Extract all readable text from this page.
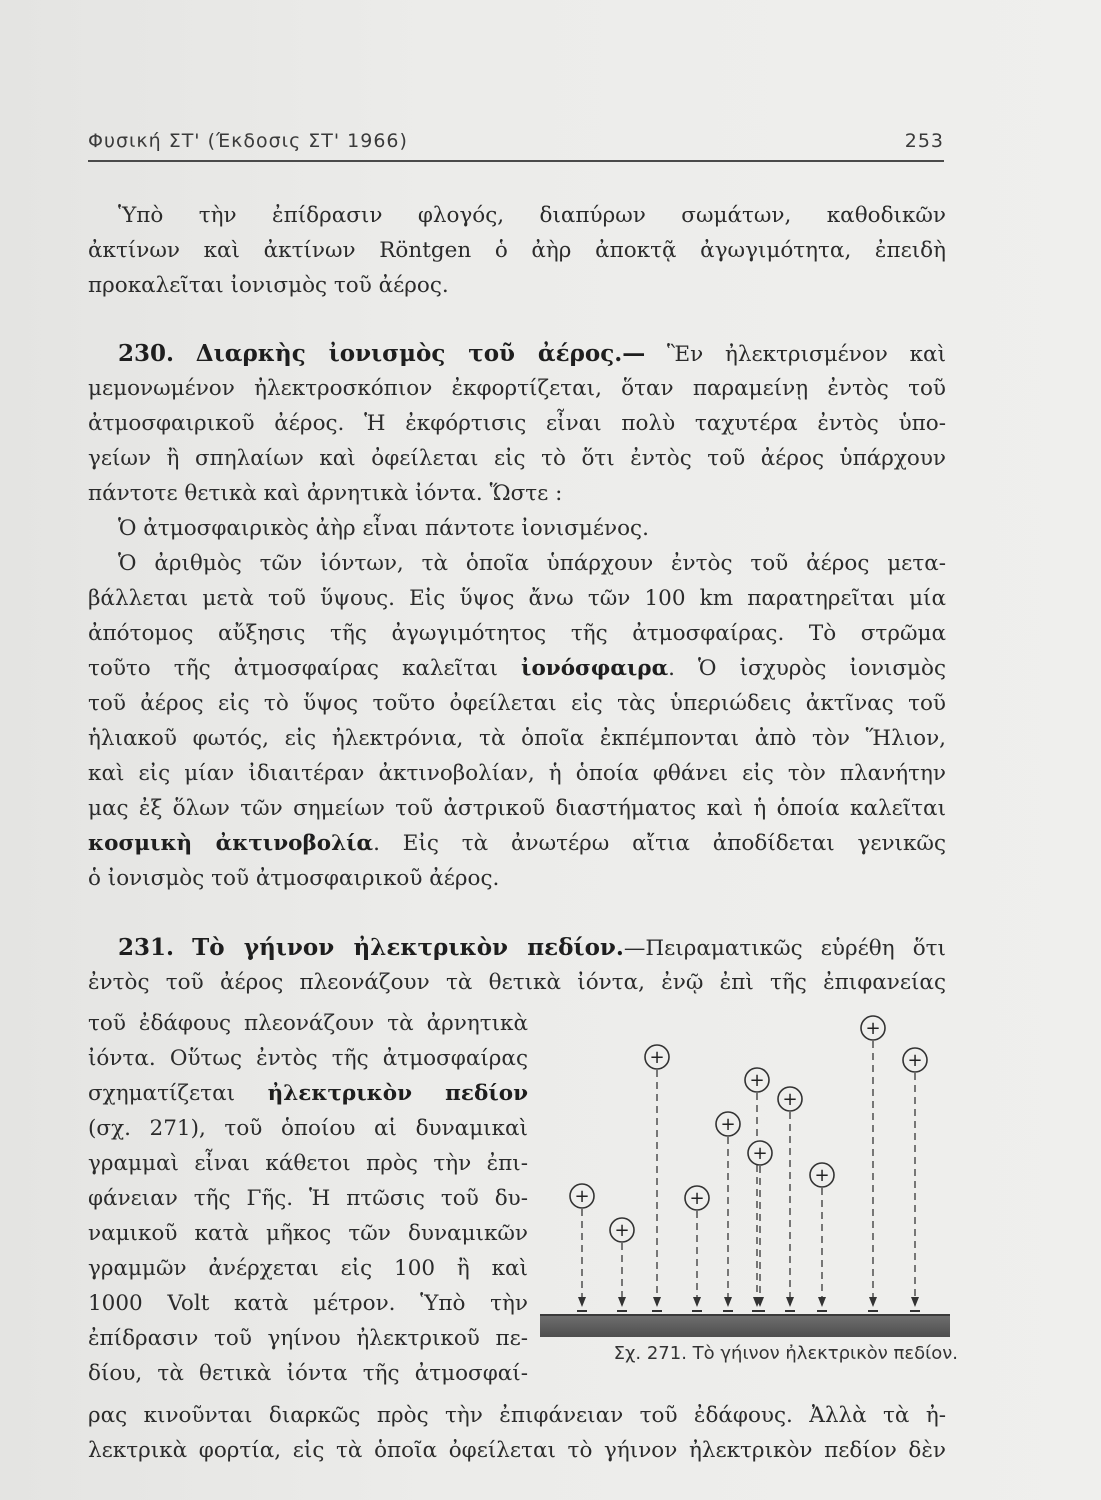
Φυσική ΣΤ' (Έκδοσις ΣΤ' 1966)	253
Ὑπὸ τὴν ἐπίδρασιν φλογός, διαπύρων σωμάτων, καθοδικῶν
ἀκτίνων καὶ ἀκτίνων Röntgen ὁ ἀὴρ ἀποκτᾷ ἀγωγιμότητα, ἐπειδὴ
προκαλεῖται ἰονισμὸς τοῦ ἀέρος.
230. Διαρκὴς ἰονισμὸς τοῦ ἀέρος.— Ἓν ἠλεκτρισμένον καὶ
μεμονωμένον ἠλεκτροσκόπιον ἐκφορτίζεται, ὅταν παραμείνῃ ἐντὸς τοῦ
ἀτμοσφαιρικοῦ ἀέρος. Ἡ ἐκφόρτισις εἶναι πολὺ ταχυτέρα ἐντὸς ὑπο-
γείων ἢ σπηλαίων καὶ ὀφείλεται εἰς τὸ ὅτι ἐντὸς τοῦ ἀέρος ὑπάρχουν
πάντοτε θετικὰ καὶ ἀρνητικὰ ἰόντα. Ὥστε :
Ὁ ἀτμοσφαιρικὸς ἀὴρ εἶναι πάντοτε ἰονισμένος.
Ὁ ἀριθμὸς τῶν ἰόντων, τὰ ὁποῖα ὑπάρχουν ἐντὸς τοῦ ἀέρος μετα-
βάλλεται μετὰ τοῦ ὕψους. Εἰς ὕψος ἄνω τῶν 100 km παρατηρεῖται μία
ἀπότομος αὔξησις τῆς ἀγωγιμότητος τῆς ἀτμοσφαίρας. Τὸ στρῶμα
τοῦτο τῆς ἀτμοσφαίρας καλεῖται ἰονόσφαιρα. Ὁ ἰσχυρὸς ἰονισμὸς
τοῦ ἀέρος εἰς τὸ ὕψος τοῦτο ὀφείλεται εἰς τὰς ὑπεριώδεις ἀκτῖνας τοῦ
ἡλιακοῦ φωτός, εἰς ἠλεκτρόνια, τὰ ὁποῖα ἐκπέμπονται ἀπὸ τὸν Ἥλιον,
καὶ εἰς μίαν ἰδιαιτέραν ἀκτινοβολίαν, ἡ ὁποία φθάνει εἰς τὸν πλανήτην
μας ἐξ ὅλων τῶν σημείων τοῦ ἀστρικοῦ διαστήματος καὶ ἡ ὁποία καλεῖται
κοσμικὴ ἀκτινοβολία. Εἰς τὰ ἀνωτέρω αἴτια ἀποδίδεται γενικῶς
ὁ ἰονισμὸς τοῦ ἀτμοσφαιρικοῦ ἀέρος.
231. Τὸ γήινον ἠλεκτρικὸν πεδίον.—Πειραματικῶς εὑρέθη ὅτι
ἐντὸς τοῦ ἀέρος πλεονάζουν τὰ θετικὰ ἰόντα, ἐνῷ ἐπὶ τῆς ἐπιφανείας
τοῦ ἐδάφους πλεονάζουν τὰ ἀρνητικὰ
ἰόντα. Οὕτως ἐντὸς τῆς ἀτμοσφαίρας
σχηματίζεται ἠλεκτρικὸν πεδίον
(σχ. 271), τοῦ ὁποίου αἱ δυναμικαὶ
γραμμαὶ εἶναι κάθετοι πρὸς τὴν ἐπι-
φάνειαν τῆς Γῆς. Ἡ πτῶσις τοῦ δυ-
ναμικοῦ κατὰ μῆκος τῶν δυναμικῶν
γραμμῶν ἀνέρχεται εἰς 100 ἢ καὶ
1000 Volt κατὰ μέτρον. Ὑπὸ τὴν
ἐπίδρασιν τοῦ γηίνου ἠλεκτρικοῦ πε-
δίου, τὰ θετικὰ ἰόντα τῆς ἀτμοσφαί-
+
+
+
+
+
+
+
+
+
+
+
Σχ. 271. Τὸ γήινον ἠλεκτρικὸν πεδίον.
ρας κινοῦνται διαρκῶς πρὸς τὴν ἐπιφάνειαν τοῦ ἐδάφους. Ἀλλὰ τὰ ἠ-
λεκτρικὰ φορτία, εἰς τὰ ὁποῖα ὀφείλεται τὸ γήινον ἠλεκτρικὸν πεδίον δὲν
